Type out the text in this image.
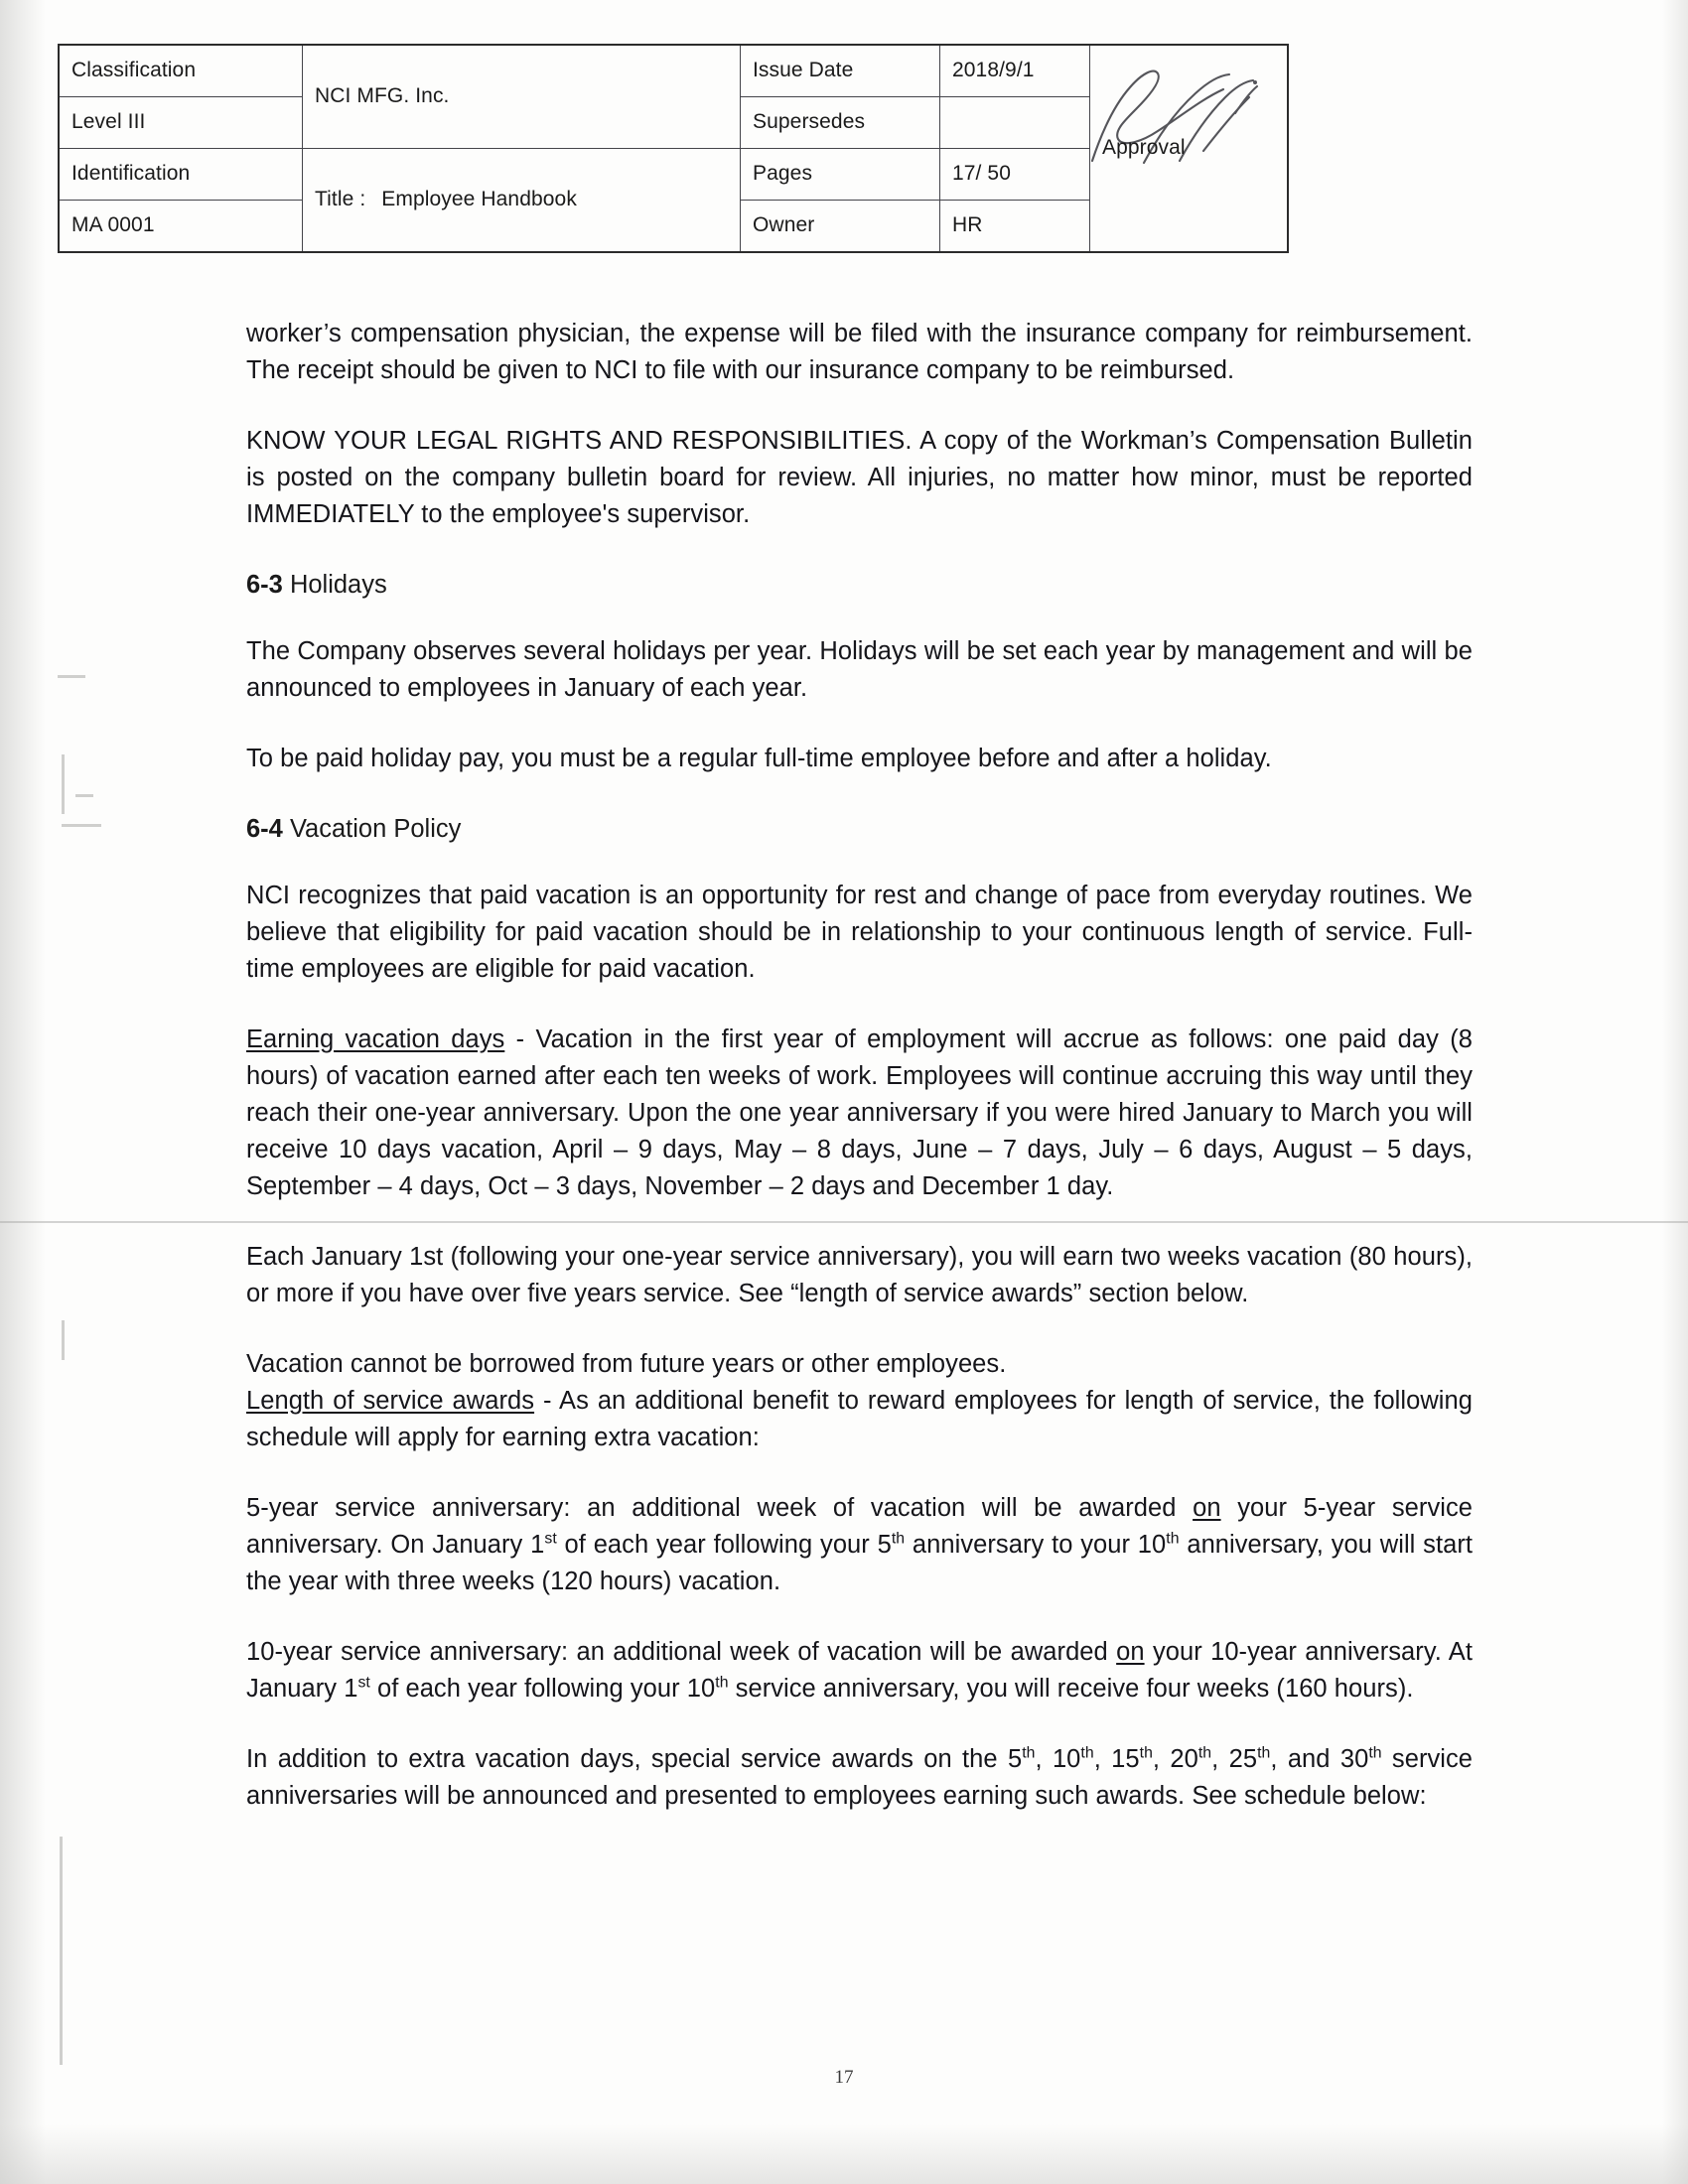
Classification	NCI MFG. Inc.	Issue Date	2018/9/1	Approval

Level III		Supersedes		
Identification	Title : Employee Handbook	Pages	17/ 50	
MA 0001		Owner	HR	

worker’s compensation physician, the expense will be filed with the insurance company for reimbursement. The receipt should be given to NCI to file with our insurance company to be reimbursed.

KNOW YOUR LEGAL RIGHTS AND RESPONSIBILITIES. A copy of the Workman’s Compensation Bulletin is posted on the company bulletin board for review. All injuries, no matter how minor, must be reported IMMEDIATELY to the employee's supervisor.

6-3 Holidays

The Company observes several holidays per year. Holidays will be set each year by management and will be announced to employees in January of each year.

To be paid holiday pay, you must be a regular full-time employee before and after a holiday.

6-4 Vacation Policy

NCI recognizes that paid vacation is an opportunity for rest and change of pace from everyday routines. We believe that eligibility for paid vacation should be in relationship to your continuous length of service. Full-time employees are eligible for paid vacation.

Earning vacation days - Vacation in the first year of employment will accrue as follows: one paid day (8 hours) of vacation earned after each ten weeks of work. Employees will continue accruing this way until they reach their one-year anniversary. Upon the one year anniversary if you were hired January to March you will receive 10 days vacation, April – 9 days, May – 8 days, June – 7 days, July – 6 days, August – 5 days, September – 4 days, Oct – 3 days, November – 2 days and December 1 day.

Each January 1st (following your one-year service anniversary), you will earn two weeks vacation (80 hours), or more if you have over five years service. See “length of service awards” section below.

Vacation cannot be borrowed from future years or other employees.

Length of service awards - As an additional benefit to reward employees for length of service, the following schedule will apply for earning extra vacation:

5-year service anniversary: an additional week of vacation will be awarded on your 5-year service anniversary. On January 1st of each year following your 5th anniversary to your 10th anniversary, you will start the year with three weeks (120 hours) vacation.

10-year service anniversary: an additional week of vacation will be awarded on your 10-year anniversary. At January 1st of each year following your 10th service anniversary, you will receive four weeks (160 hours).

In addition to extra vacation days, special service awards on the 5th, 10th, 15th, 20th, 25th, and 30th service anniversaries will be announced and presented to employees earning such awards. See schedule below:

17
